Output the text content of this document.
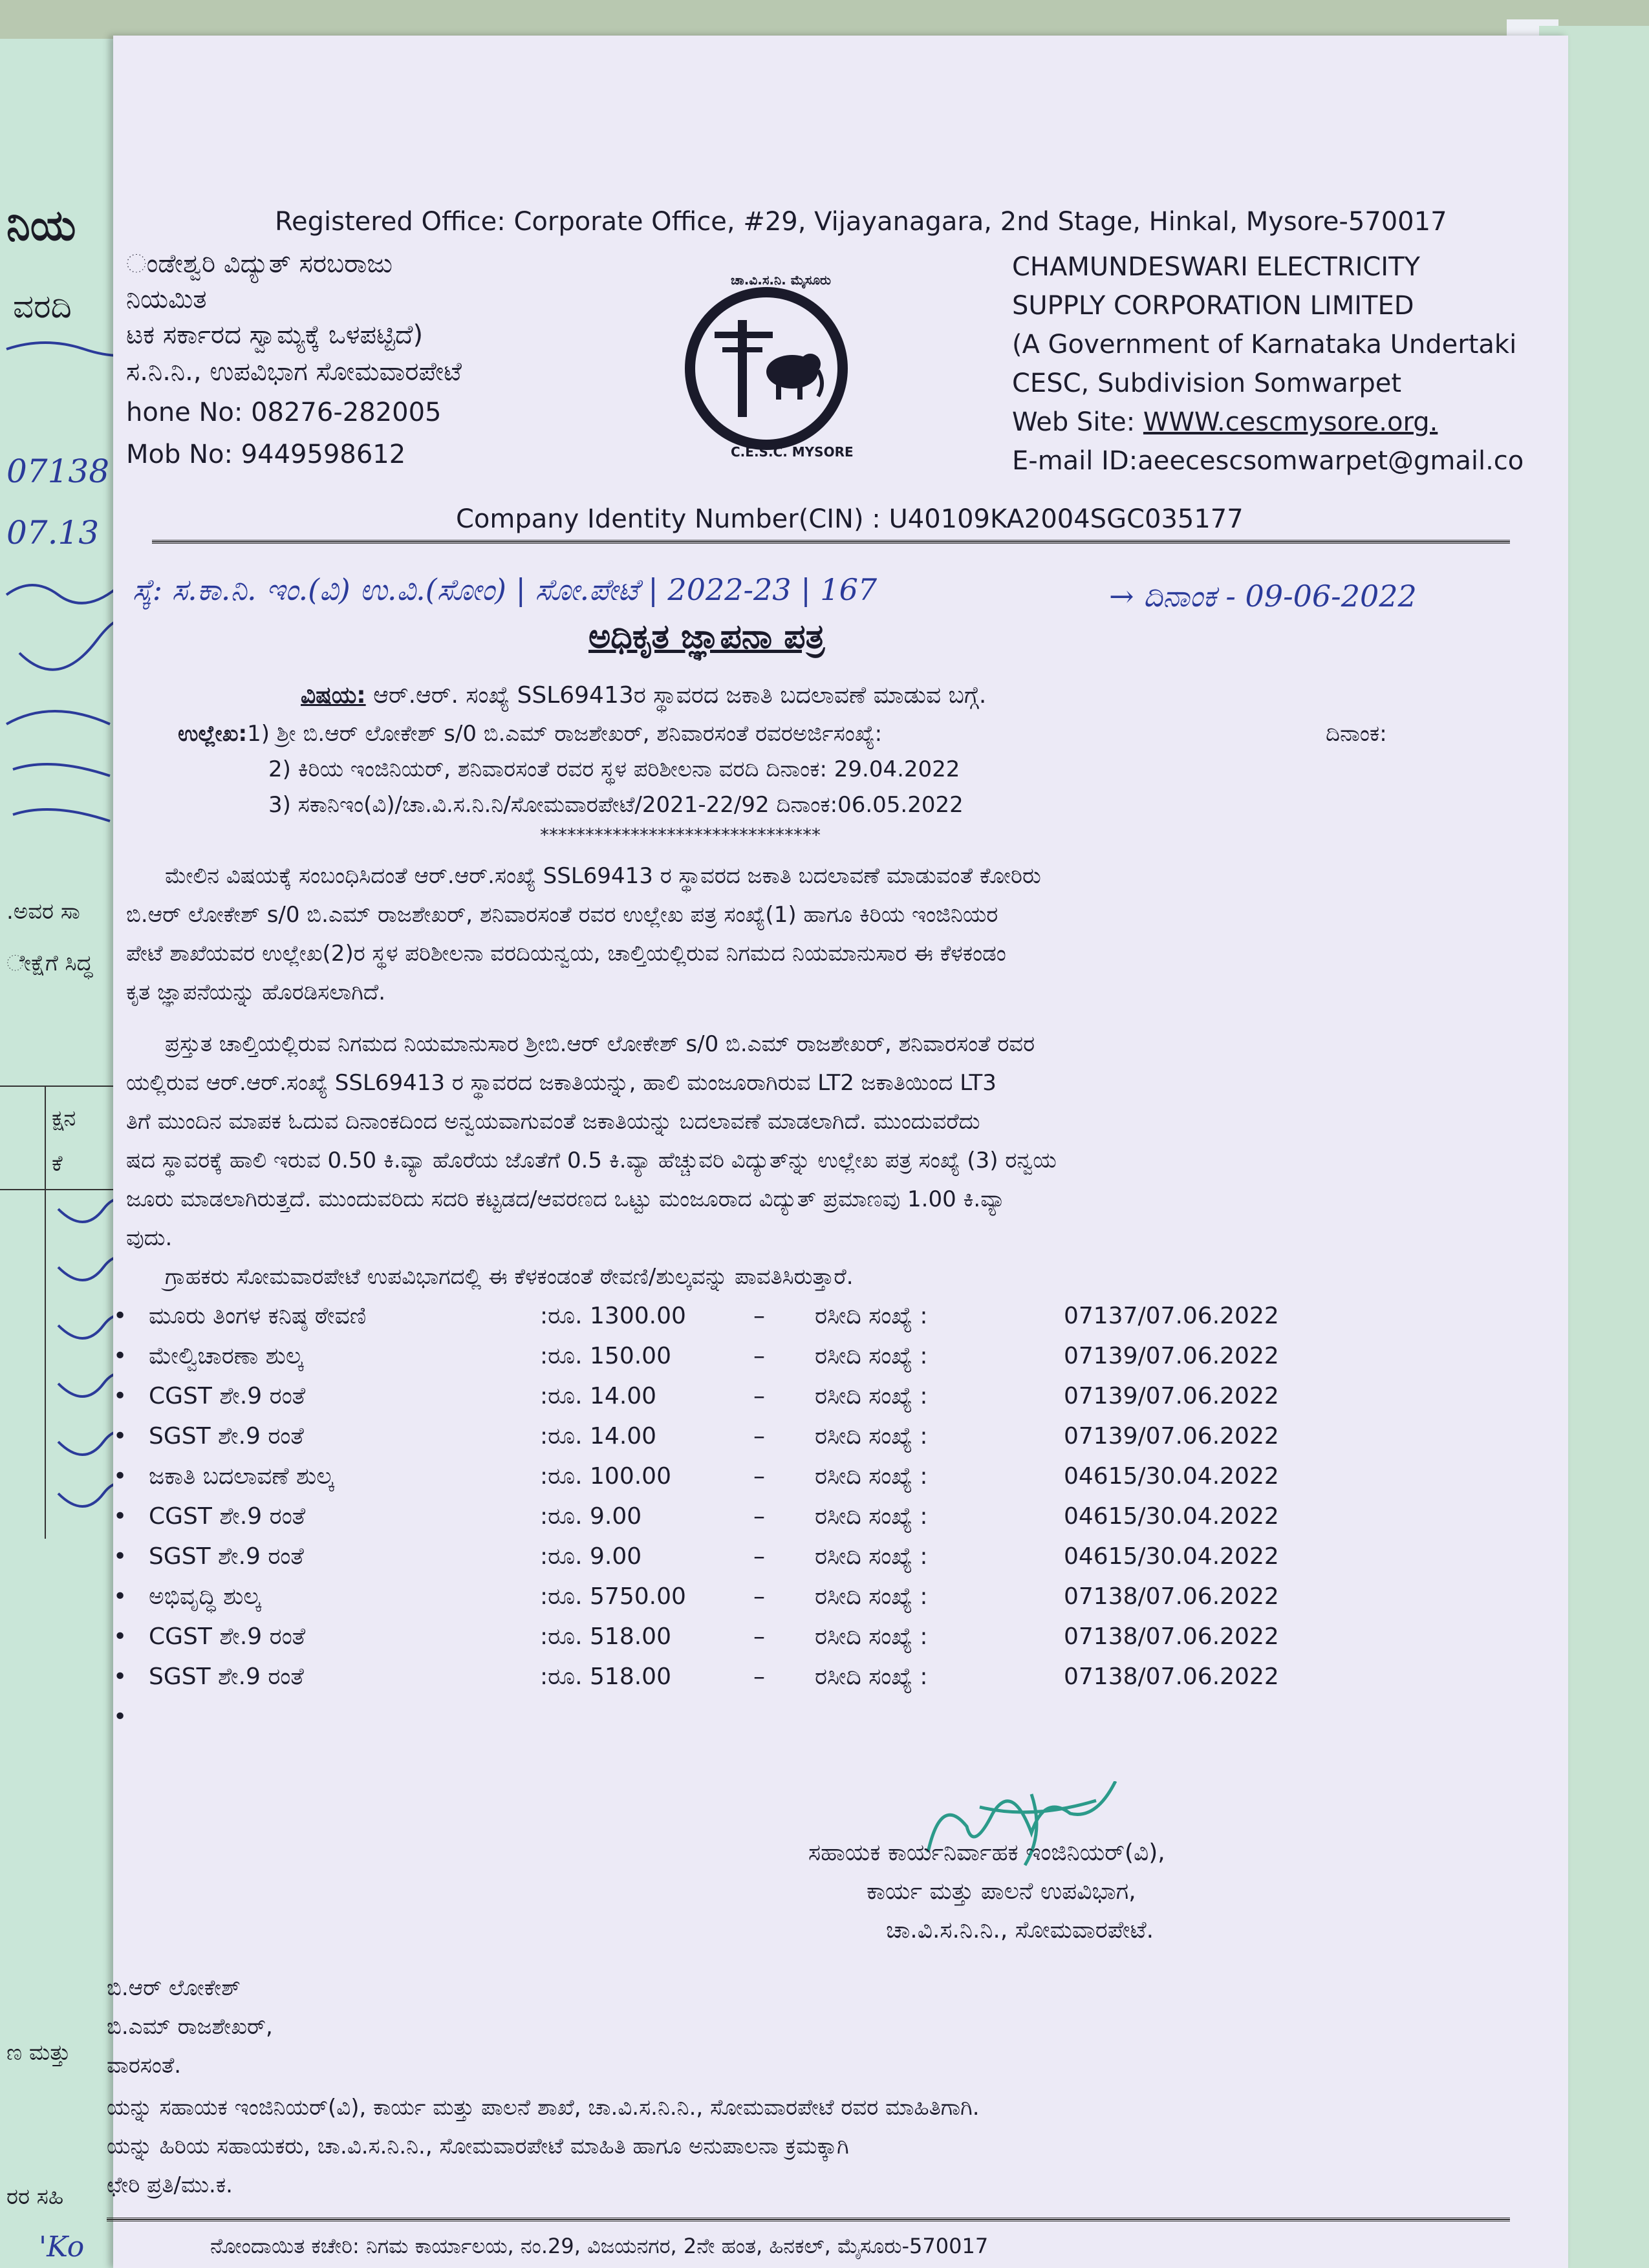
ನಿಯ
ವರದಿ
07138
07.13
.ಅವರ ಸಾ
ೇಕ್ಷೆಗೆ ಸಿದ್ಧ
ಕ್ಷನ
ಕೆ
ಣ ಮತ್ತು
ರರ ಸಹಿ
'Ko
Registered Office: Corporate Office, #29, Vijayanagara, 2nd Stage, Hinkal, Mysore-570017
ಂಡೇಶ್ವರಿ ವಿದ್ಯುತ್ ಸರಬರಾಜು
ನಿಯಮಿತ
ಟಕ ಸರ್ಕಾರದ ಸ್ವಾಮ್ಯಕ್ಕೆ ಒಳಪಟ್ಟಿದೆ)
ಸ.ನಿ.ನಿ., ಉಪವಿಭಾಗ ಸೋಮವಾರಪೇಟೆ
hone No: 08276-282005
Mob No: 9449598612
ಚಾ.ವಿ.ಸ.ನಿ. ಮೈಸೂರು
C.E.S.C. MYSORE
CHAMUNDESWARI ELECTRICITY
SUPPLY CORPORATION LIMITED
(A Government of Karnataka Undertaki
CESC, Subdivision Somwarpet
Web Site: WWW.cescmysore.org.
E-mail ID:aeecescsomwarpet@gmail.co
Company Identity Number(CIN) : U40109KA2004SGC035177
ಸ್ಕೆ: ಸ.ಕಾ.ನಿ. ಇಂ.(ವಿ) ಉ.ವಿ.(ಸೋಂ) | ಸೋ.ಪೇಟೆ | 2022-23 | 167	→ ದಿನಾಂಕ - 09-06-2022
ಅಧಿಕೃತ ಜ್ಞಾಪನಾ ಪತ್ರ
ವಿಷಯ: ಆರ್.ಆರ್. ಸಂಖ್ಯೆ SSL69413ರ ಸ್ಥಾವರದ ಜಕಾತಿ ಬದಲಾವಣೆ ಮಾಡುವ ಬಗ್ಗೆ.
ಉಲ್ಲೇಖ:1) ಶ್ರೀ ಬಿ.ಆರ್ ಲೋಕೇಶ್ s/0 ಬಿ.ಎಮ್ ರಾಜಶೇಖರ್, ಶನಿವಾರಸಂತೆ ರವರಅರ್ಜಿಸಂಖ್ಯೆ:	ದಿನಾಂಕ:
2) ಕಿರಿಯ ಇಂಜಿನಿಯರ್, ಶನಿವಾರಸಂತೆ ರವರ ಸ್ಥಳ ಪರಿಶೀಲನಾ ವರದಿ ದಿನಾಂಕ: 29.04.2022
3) ಸಕಾನಿಇಂ(ವಿ)/ಚಾ.ವಿ.ಸ.ನಿ.ನಿ/ಸೋಮವಾರಪೇಟೆ/2021-22/92 ದಿನಾಂಕ:06.05.2022
*******************************
ಮೇಲಿನ ವಿಷಯಕ್ಕೆ ಸಂಬಂಧಿಸಿದಂತೆ ಆರ್.ಆರ್.ಸಂಖ್ಯೆ SSL69413 ರ ಸ್ಥಾವರದ ಜಕಾತಿ ಬದಲಾವಣೆ ಮಾಡುವಂತೆ ಕೋರಿರು
ಬಿ.ಆರ್ ಲೋಕೇಶ್ s/0 ಬಿ.ಎಮ್ ರಾಜಶೇಖರ್, ಶನಿವಾರಸಂತೆ ರವರ ಉಲ್ಲೇಖ ಪತ್ರ ಸಂಖ್ಯೆ(1) ಹಾಗೂ ಕಿರಿಯ ಇಂಜಿನಿಯರ
ಪೇಟೆ ಶಾಖೆಯವರ ಉಲ್ಲೇಖ(2)ರ ಸ್ಥಳ ಪರಿಶೀಲನಾ ವರದಿಯನ್ವಯ, ಚಾಲ್ತಿಯಲ್ಲಿರುವ ನಿಗಮದ ನಿಯಮಾನುಸಾರ ಈ ಕೆಳಕಂಡಂ
ಕೃತ ಜ್ಞಾಪನೆಯನ್ನು ಹೊರಡಿಸಲಾಗಿದೆ.
ಪ್ರಸ್ತುತ ಚಾಲ್ತಿಯಲ್ಲಿರುವ ನಿಗಮದ ನಿಯಮಾನುಸಾರ ಶ್ರೀಬಿ.ಆರ್ ಲೋಕೇಶ್ s/0 ಬಿ.ಎಮ್ ರಾಜಶೇಖರ್, ಶನಿವಾರಸಂತೆ ರವರ
ಯಲ್ಲಿರುವ ಆರ್.ಆರ್.ಸಂಖ್ಯೆ SSL69413 ರ ಸ್ಥಾವರದ ಜಕಾತಿಯನ್ನು, ಹಾಲಿ ಮಂಜೂರಾಗಿರುವ LT2 ಜಕಾತಿಯಿಂದ LT3
ತಿಗೆ ಮುಂದಿನ ಮಾಪಕ ಓದುವ ದಿನಾಂಕದಿಂದ ಅನ್ವಯವಾಗುವಂತೆ ಜಕಾತಿಯನ್ನು ಬದಲಾವಣೆ ಮಾಡಲಾಗಿದೆ. ಮುಂದುವರೆದು
ಷದ ಸ್ಥಾವರಕ್ಕೆ ಹಾಲಿ ಇರುವ 0.50 ಕಿ.ವ್ಯಾ ಹೊರೆಯ ಜೊತೆಗೆ 0.5 ಕಿ.ವ್ಯಾ ಹೆಚ್ಚುವರಿ ವಿದ್ಯುತ್‌ನ್ನು ಉಲ್ಲೇಖ ಪತ್ರ ಸಂಖ್ಯೆ (3) ರನ್ವಯ
ಜೂರು ಮಾಡಲಾಗಿರುತ್ತದೆ. ಮುಂದುವರಿದು ಸದರಿ ಕಟ್ಟಡದ/ಆವರಣದ ಒಟ್ಟು ಮಂಜೂರಾದ ವಿದ್ಯುತ್ ಪ್ರಮಾಣವು 1.00 ಕಿ.ವ್ಯಾ
ವುದು.
ಗ್ರಾಹಕರು ಸೋಮವಾರಪೇಟೆ ಉಪವಿಭಾಗದಲ್ಲಿ ಈ ಕೆಳಕಂಡಂತೆ ಠೇವಣಿ/ಶುಲ್ಕವನ್ನು ಪಾವತಿಸಿರುತ್ತಾರೆ.
• ಮೂರು ತಿಂಗಳ ಕನಿಷ್ಠ ಠೇವಣಿ	:ರೂ. 1300.00	– ರಸೀದಿ ಸಂಖ್ಯೆ :	07137/07.06.2022
• ಮೇಲ್ವಿಚಾರಣಾ ಶುಲ್ಕ	:ರೂ. 150.00	– ರಸೀದಿ ಸಂಖ್ಯೆ :	07139/07.06.2022
• CGST ಶೇ.9 ರಂತೆ	:ರೂ. 14.00	– ರಸೀದಿ ಸಂಖ್ಯೆ :	07139/07.06.2022
• SGST ಶೇ.9 ರಂತೆ	:ರೂ. 14.00	– ರಸೀದಿ ಸಂಖ್ಯೆ :	07139/07.06.2022
• ಜಕಾತಿ ಬದಲಾವಣೆ ಶುಲ್ಕ	:ರೂ. 100.00	– ರಸೀದಿ ಸಂಖ್ಯೆ :	04615/30.04.2022
• CGST ಶೇ.9 ರಂತೆ	:ರೂ. 9.00	– ರಸೀದಿ ಸಂಖ್ಯೆ :	04615/30.04.2022
• SGST ಶೇ.9 ರಂತೆ	:ರೂ. 9.00	– ರಸೀದಿ ಸಂಖ್ಯೆ :	04615/30.04.2022
• ಅಭಿವೃದ್ಧಿ ಶುಲ್ಕ	:ರೂ. 5750.00	– ರಸೀದಿ ಸಂಖ್ಯೆ :	07138/07.06.2022
• CGST ಶೇ.9 ರಂತೆ	:ರೂ. 518.00	– ರಸೀದಿ ಸಂಖ್ಯೆ :	07138/07.06.2022
• SGST ಶೇ.9 ರಂತೆ	:ರೂ. 518.00	– ರಸೀದಿ ಸಂಖ್ಯೆ :	07138/07.06.2022
•
ಸಹಾಯಕ ಕಾರ್ಯನಿರ್ವಾಹಕ ಇಂಜಿನಿಯರ್(ವಿ),
ಕಾರ್ಯ ಮತ್ತು ಪಾಲನೆ ಉಪವಿಭಾಗ,
ಚಾ.ವಿ.ಸ.ನಿ.ನಿ., ಸೋಮವಾರಪೇಟೆ.
ಬಿ.ಆರ್ ಲೋಕೇಶ್
ಬಿ.ಎಮ್ ರಾಜಶೇಖರ್,
ವಾರಸಂತೆ.
ಯನ್ನು ಸಹಾಯಕ ಇಂಜಿನಿಯರ್(ವಿ), ಕಾರ್ಯ ಮತ್ತು ಪಾಲನೆ ಶಾಖೆ, ಚಾ.ವಿ.ಸ.ನಿ.ನಿ., ಸೋಮವಾರಪೇಟೆ ರವರ ಮಾಹಿತಿಗಾಗಿ.
ಯನ್ನು ಹಿರಿಯ ಸಹಾಯಕರು, ಚಾ.ವಿ.ಸ.ನಿ.ನಿ., ಸೋಮವಾರಪೇಟೆ ಮಾಹಿತಿ ಹಾಗೂ ಅನುಪಾಲನಾ ಕ್ರಮಕ್ಕಾಗಿ
ಛೇರಿ ಪ್ರತಿ/ಮು.ಕ.
ನೋಂದಾಯಿತ ಕಚೇರಿ: ನಿಗಮ ಕಾರ್ಯಾಲಯ, ನಂ.29, ವಿಜಯನಗರ, 2ನೇ ಹಂತ, ಹಿನಕಲ್, ಮೈಸೂರು-570017
